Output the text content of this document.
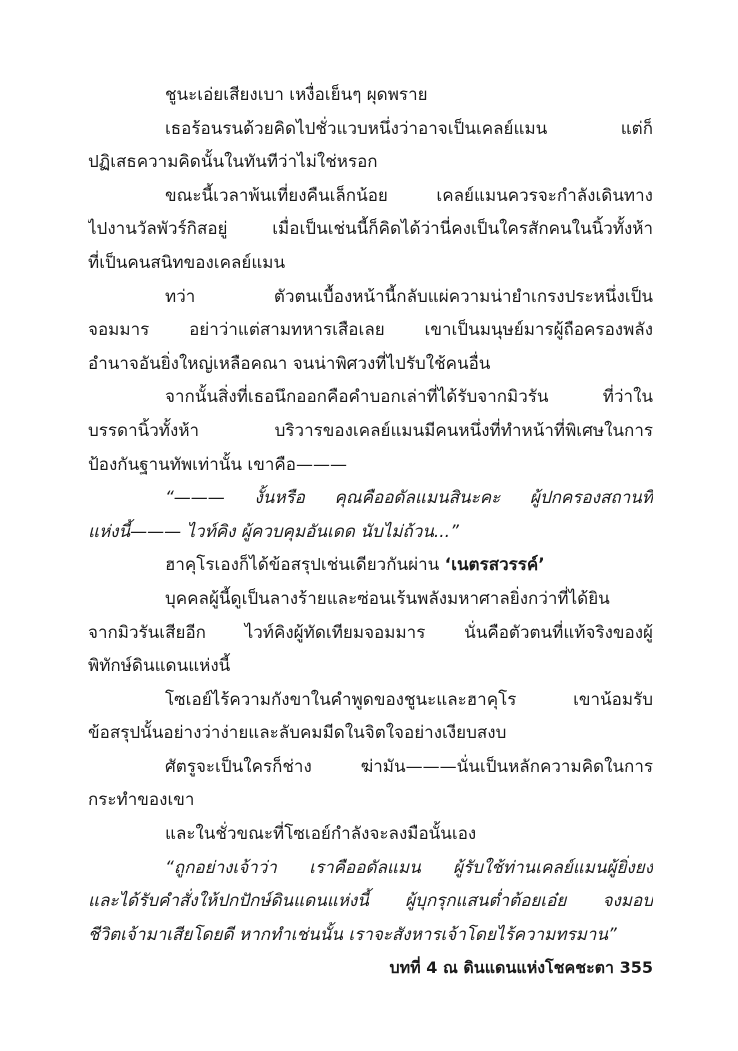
ชูนะเอ่ยเสียงเบา เหงื่อเย็นๆ ผุดพราย
เธอร้อนรนด้วยคิดไปชั่วแวบหนึ่งว่าอาจเป็นเคลย์แมน แต่ก็
ปฏิเสธความคิดนั้นในทันทีว่าไม่ใช่หรอก
ขณะนี้เวลาพ้นเที่ยงคืนเล็กน้อย เคลย์แมนควรจะกำลังเดินทาง
ไปงานวัลพัวร์กิสอยู่ เมื่อเป็นเช่นนี้ก็คิดได้ว่านี่คงเป็นใครสักคนในนิ้วทั้งห้า
ที่เป็นคนสนิทของเคลย์แมน
ทว่า ตัวตนเบื้องหน้านี้กลับแผ่ความน่ายำเกรงประหนึ่งเป็น
จอมมาร อย่าว่าแต่สามทหารเสือเลย เขาเป็นมนุษย์มารผู้ถือครองพลัง
อำนาจอันยิ่งใหญ่เหลือคณา จนน่าพิศวงที่ไปรับใช้คนอื่น
จากนั้นสิ่งที่เธอนึกออกคือคำบอกเล่าที่ได้รับจากมิวรัน ที่ว่าใน
บรรดานิ้วทั้งห้า บริวารของเคลย์แมนมีคนหนึ่งที่ทำหน้าที่พิเศษในการ
ป้องกันฐานทัพเท่านั้น เขาคือ———
“——— งั้นหรือ คุณคืออดัลแมนสินะคะ ผู้ปกครองสถานที่
แห่งนี้——— ไวท์คิง ผู้ควบคุมอันเดด นับไม่ถ้วน...”
ฮาคุโรเองก็ได้ข้อสรุปเช่นเดียวกันผ่าน ‘เนตรสวรรค์’
บุคคลผู้นี้ดูเป็นลางร้ายและซ่อนเร้นพลังมหาศาลยิ่งกว่าที่ได้ยิน
จากมิวรันเสียอีก ไวท์คิงผู้ทัดเทียมจอมมาร นั่นคือตัวตนที่แท้จริงของผู้
พิทักษ์ดินแดนแห่งนี้
โซเอย์ไร้ความกังขาในคำพูดของชูนะและฮาคุโร เขาน้อมรับ
ข้อสรุปนั้นอย่างว่าง่ายและลับคมมีดในจิตใจอย่างเงียบสงบ
ศัตรูจะเป็นใครก็ช่าง ฆ่ามัน———นั่นเป็นหลักความคิดในการ
กระทำของเขา
และในชั่วขณะที่โซเอย์กำลังจะลงมือนั้นเอง
“ถูกอย่างเจ้าว่า เราคืออดัลแมน ผู้รับใช้ท่านเคลย์แมนผู้ยิ่งยง
และได้รับคำสั่งให้ปกปักษ์ดินแดนแห่งนี้ ผู้บุกรุกแสนต่ำต้อยเอ๋ย จงมอบ
ชีวิตเจ้ามาเสียโดยดี หากทำเช่นนั้น เราจะสังหารเจ้าโดยไร้ความทรมาน”
บทที่ 4 ณ ดินแดนแห่งโชคชะตา 355
